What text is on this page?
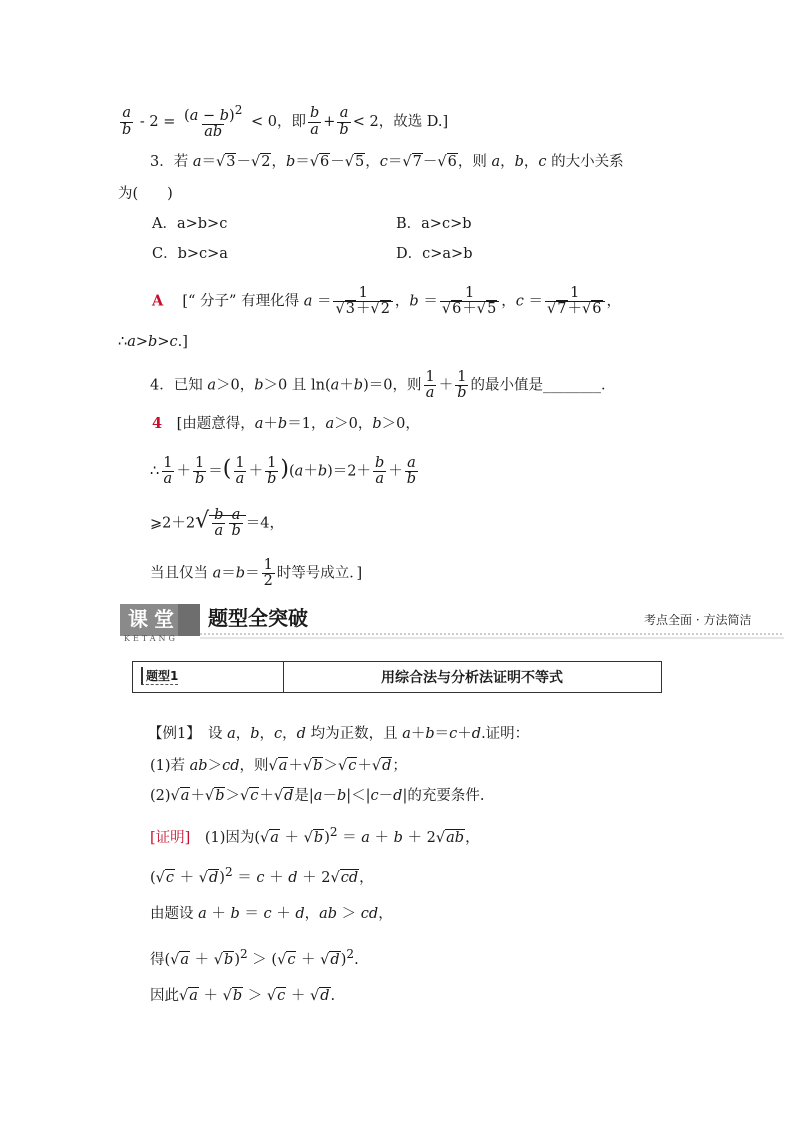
$\frac{a}{b} - 2 = \frac{(a - b)^2}{ab} < 0$，即 $\frac{b}{a} + \frac{a}{b} < 2$，故选 D.]
3．若 a＝√3－√2，b＝√6－√5，c＝√7－√6，则 a，b，c 的大小关系
为(　　)
A．a>b>c	B．a>c>b
C．b>c>a	D．c>a>b
A 　[“ 分子” 有理化得 $a = \frac{1}{√3+√2}$ ，$b = \frac{1}{√6+√5}$ ，$c = \frac{1}{√7+√6}$ ，
∴a>b>c.]
4．已知 a＞0，b＞0 且 ln(a＋b)＝0，则 $\frac{1}{a} + \frac{1}{b}$ 的最小值是________．
4　[由题意得，a＋b＝1，a＞0，b＞0，
∴ $\frac{1}{a} + \frac{1}{b}$ ＝( $\frac{1}{a} + \frac{1}{b} )(a+b)=2+ \frac{b}{a} + \frac{a}{b}$
⩾2＋2√ $\frac{b}{a} \frac{a}{b} =4$，
当且仅当 $a=b= \frac{1}{2}$ 时等号成立．]
课堂
KETANG
题型全突破	考点全面 · 方法简洁
题型1	用综合法与分析法证明不等式
【例1】　设 a，b，c，d 均为正数，且 a＋b＝c＋d.证明：
(1)若 ab＞cd，则√a＋√b＞√c＋√d；
(2)√a＋√b＞√c＋√d是|a－b|＜|c－d|的充要条件.
[证明]　(1)因为$(√a + √b)^2 = a + b + 2√ab$，
$(√c + √d)^2 = c + d + 2√cd$，
由题设 a ＋ b ＝ c ＋ d，ab ＞ cd，
得$(√a + √b)^2 > (√c + √d)^2$.
因此√a ＋ √b ＞ √c ＋ √d.
